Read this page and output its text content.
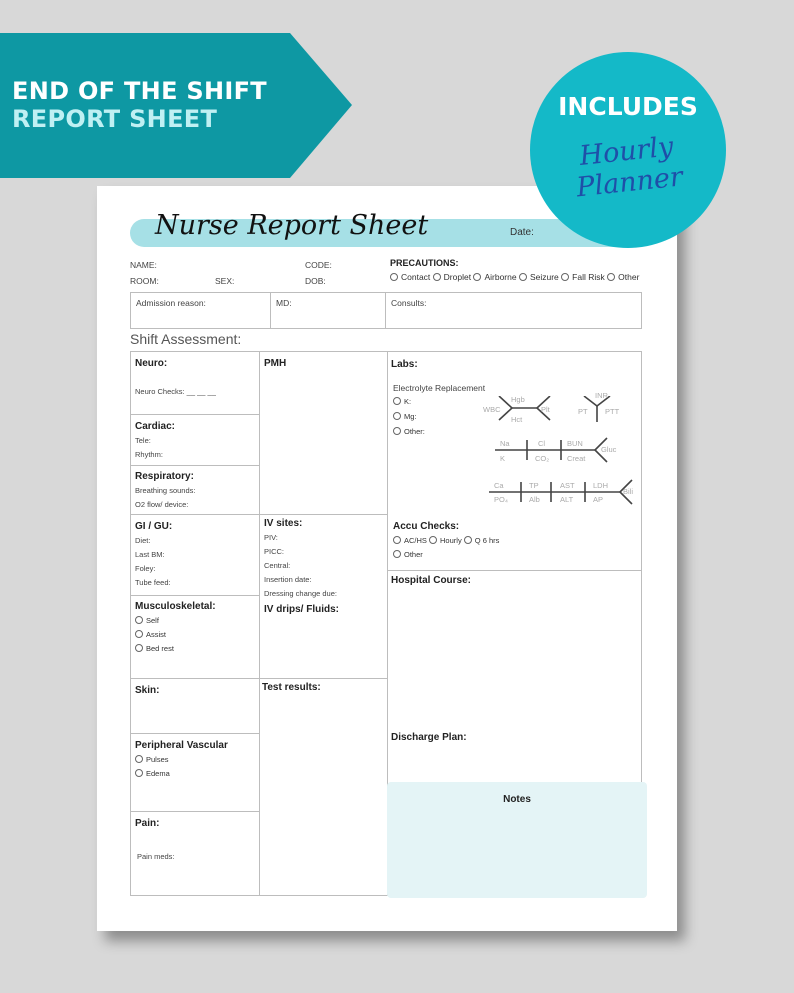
END OF THE SHIFT
REPORT SHEET	INCLUDES
Hourly Planner
Nurse Report Sheet	Date:
NAME:	CODE:
ROOM:	SEX:	DOB:
PRECAUTIONS:
Contact Droplet Airborne Seizure Fall Risk Other
Admission reason:	MD:	Consults:
Shift Assessment:
Neuro:
Neuro Checks: __ __ __
Cardiac:
Tele:
Rhythm:
Respiratory:
Breathing sounds:
O2 flow/ device:
GI / GU:
Diet:
Last BM:
Foley:
Tube feed:
Musculoskeletal:
Self
Assist
Bed rest
Skin:
Peripheral Vascular
Pulses
Edema
Pain:
Pain meds:
PMH
IV sites:
PIV:
PICC:
Central:
Insertion date:
Dressing change due:
IV drips/ Fluids:
Test results:
Labs:
Electrolyte Replacement
K:
Mg:
Other:
Hgb
WBC	Plt
Hct
INR
PT PTT
Na	Cl	BUN
Gluc
K	CO₂ Creat
Ca	TP	AST LDH
Bili
PO₄	Alb	ALT	AP
Accu Checks:
AC/HS Hourly Q 6 hrs
Other
Hospital Course:
Discharge Plan:
Notes
